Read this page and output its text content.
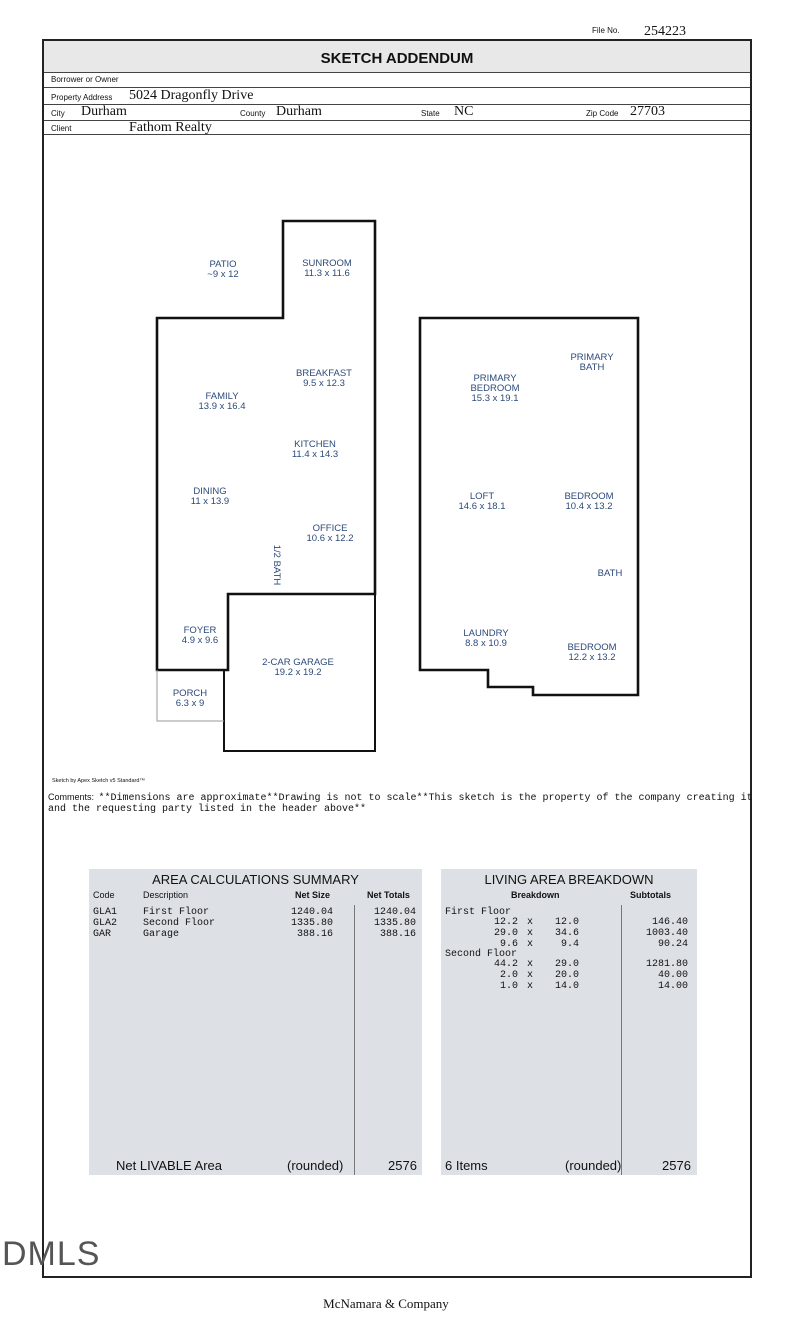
File No. 254223
SKETCH ADDENDUM
Borrower or Owner
Property Address 5024 Dragonfly Drive
City Durham	County Durham	State NC	Zip Code 27703
Client	Fathom Realty
PATIO
~9 x 12
SUNROOM
11.3 x 11.6
BREAKFAST
9.5 x 12.3
FAMILY
13.9 x 16.4
KITCHEN
11.4 x 14.3
DINING
11 x 13.9
OFFICE
10.6 x 12.2
1/2 BATH
FOYER
4.9 x 9.6
2-CAR GARAGE
19.2 x 19.2
PORCH
6.3 x 9
PRIMARY
BEDROOM
15.3 x 19.1
PRIMARY
BATH
LOFT
14.6 x 18.1
BEDROOM
10.4 x 13.2
BATH
LAUNDRY
8.8 x 10.9	BEDROOM
12.2 x 13.2
Sketch by Apex Sketch v5 Standard™
Comments: **Dimensions are approximate**Drawing is not to scale**This sketch is the property of the company creating it
and the requesting party listed in the header above**
AREA CALCULATIONS SUMMARY
Code	Description	Net Size	Net Totals
GLA1	First Floor	1240.04	1240.04
GLA2	Second Floor	1335.80	1335.80
GAR	Garage	388.16	388.16
Net LIVABLE Area	(rounded)	2576
LIVING AREA BREAKDOWN
Breakdown	Subtotals
First Floor
12.2 x 12.0	146.40
29.0 x 34.6	1003.40
9.6 x	9.4	90.24
Second Floor
44.2 x 29.0	1281.80
2.0 x 20.0	40.00
1.0 x 14.0	14.00
6 Items	(rounded)	2576
DMLS
McNamara & Company
